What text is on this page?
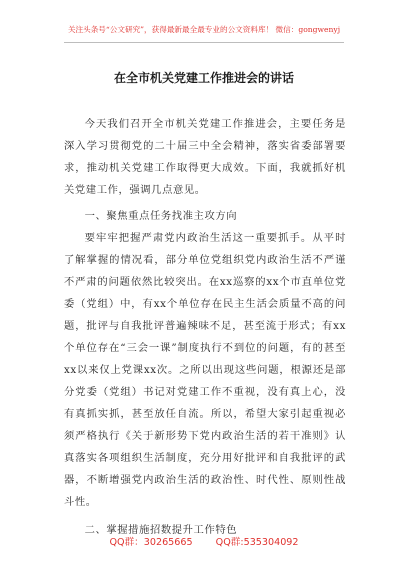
关注头条号“公文研究”，获得最新最全最专业的公文资料库！ 微信：gongwenyj
在全市机关党建工作推进会的讲话

今天我们召开全市机关党建工作推进会，主要任务是深入学习贯彻党的二十届三中全会精神，落实省委部署要求，推动机关党建工作取得更大成效。下面，我就抓好机关党建工作，强调几点意见。

一、聚焦重点任务找准主攻方向

要牢牢把握严肃党内政治生活这一重要抓手。从平时了解掌握的情况看，部分单位党组织党内政治生活不严谨不严肃的问题依然比较突出。在xx巡察的xx个市直单位党委（党组）中，有xx个单位存在民主生活会质量不高的问题，批评与自我批评普遍辣味不足，甚至流于形式；有xx个单位存在“三会一课”制度执行不到位的问题，有的甚至xx以来仅上党课xx次。之所以出现这些问题，根源还是部分党委（党组）书记对党建工作不重视，没有真上心，没有真抓实抓，甚至放任自流。所以，希望大家引起重视必须严格执行《关于新形势下党内政治生活的若干准则》认真落实各项组织生活制度，充分用好批评和自我批评的武器，不断增强党内政治生活的政治性、时代性、原则性战斗性。

二、掌握措施招数提升工作特色

QQ群：30265665 QQ群:535304092
